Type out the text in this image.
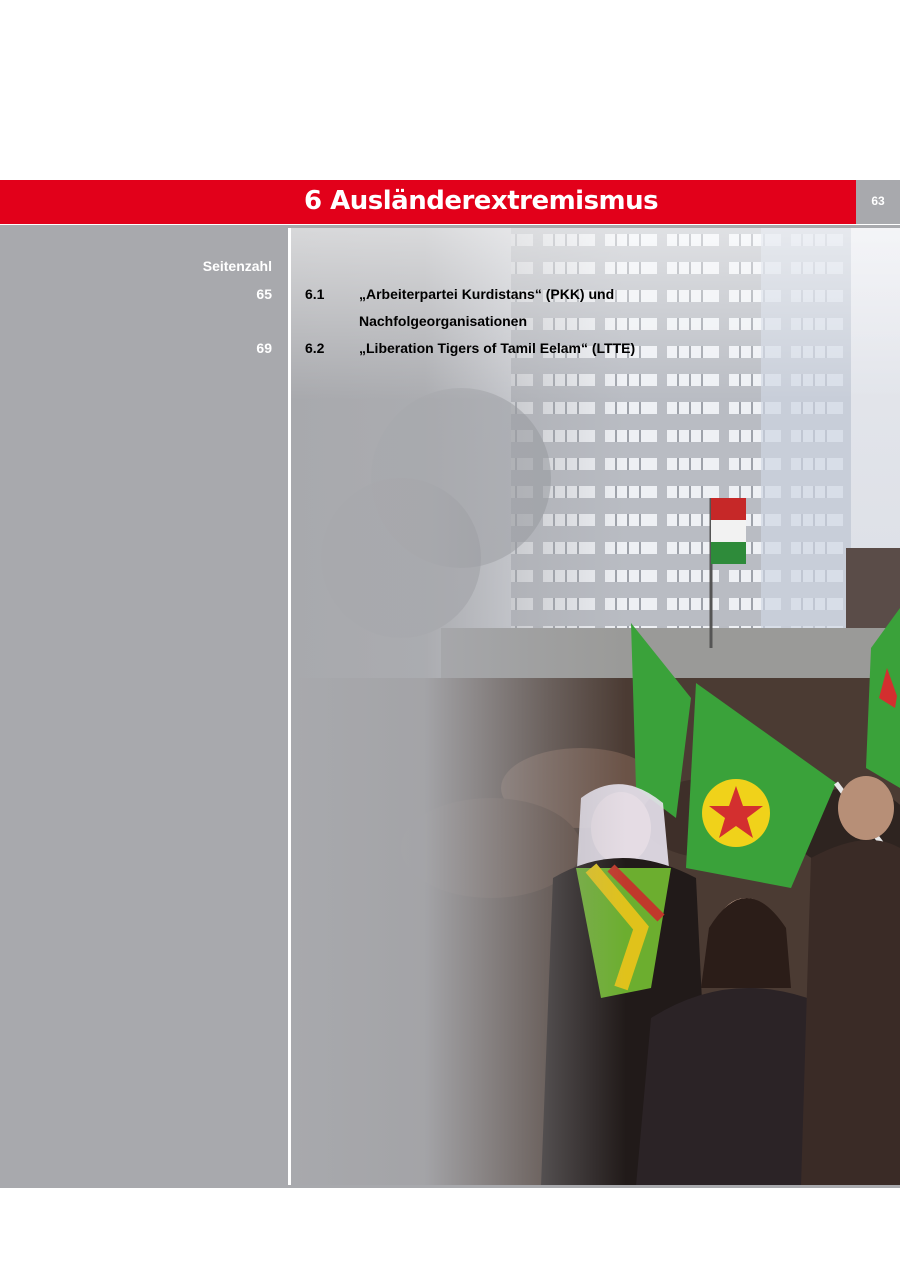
6 Ausländerextremismus	63
Seitenzahl
65 6.1 „Arbeiterpartei Kurdistans“ (PKK) und
Nachfolgeorganisationen
69 6.2 „Liberation Tigers of Tamil Eelam“ (LTTE)
